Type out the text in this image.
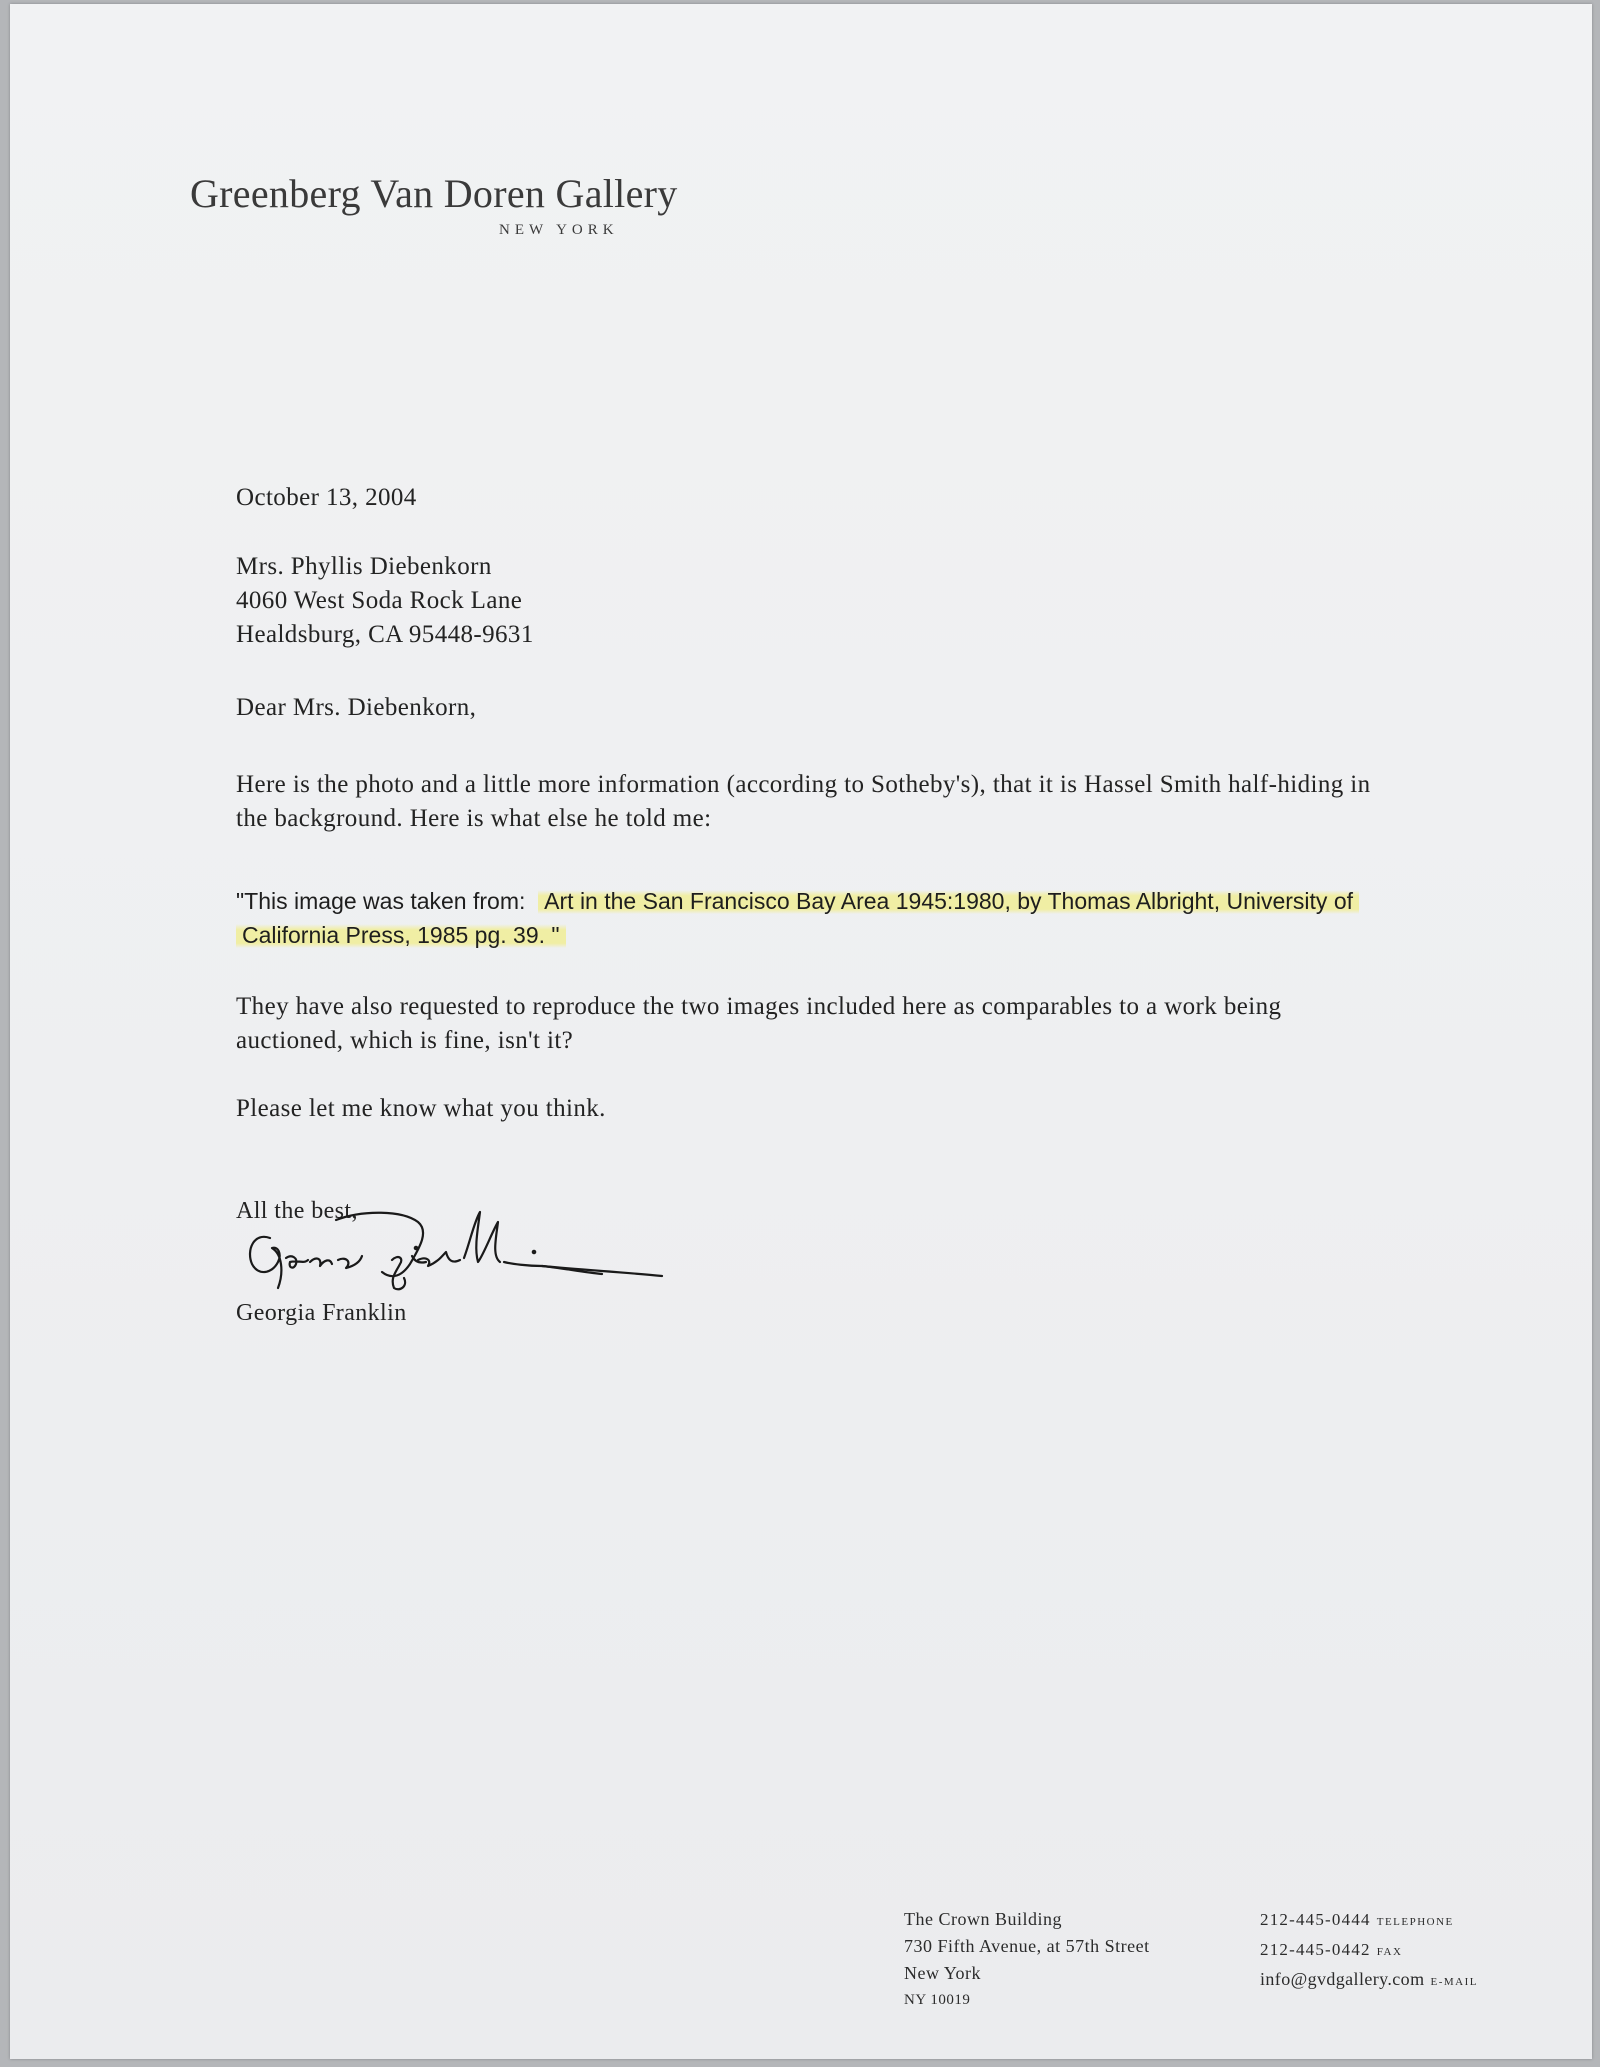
Greenberg Van Doren Gallery
NEW YORK

October 13, 2004

Mrs. Phyllis Diebenkorn
4060 West Soda Rock Lane
Healdsburg, CA 95448-9631

Dear Mrs. Diebenkorn,

Here is the photo and a little more information (according to Sotheby's), that it is Hassel Smith half-hiding in the background. Here is what else he told me:

"This image was taken from: Art in the San Francisco Bay Area 1945:1980, by Thomas Albright, University of California Press, 1985 pg. 39. "

They have also requested to reproduce the two images included here as comparables to a work being auctioned, which is fine, isn't it?

Please let me know what you think.

All the best,

Georgia Franklin

The Crown Building
730 Fifth Avenue, at 57th Street
New York
NY 10019
212-445-0444 TELEPHONE
212-445-0442 FAX
info@gvdgallery.com E-MAIL
